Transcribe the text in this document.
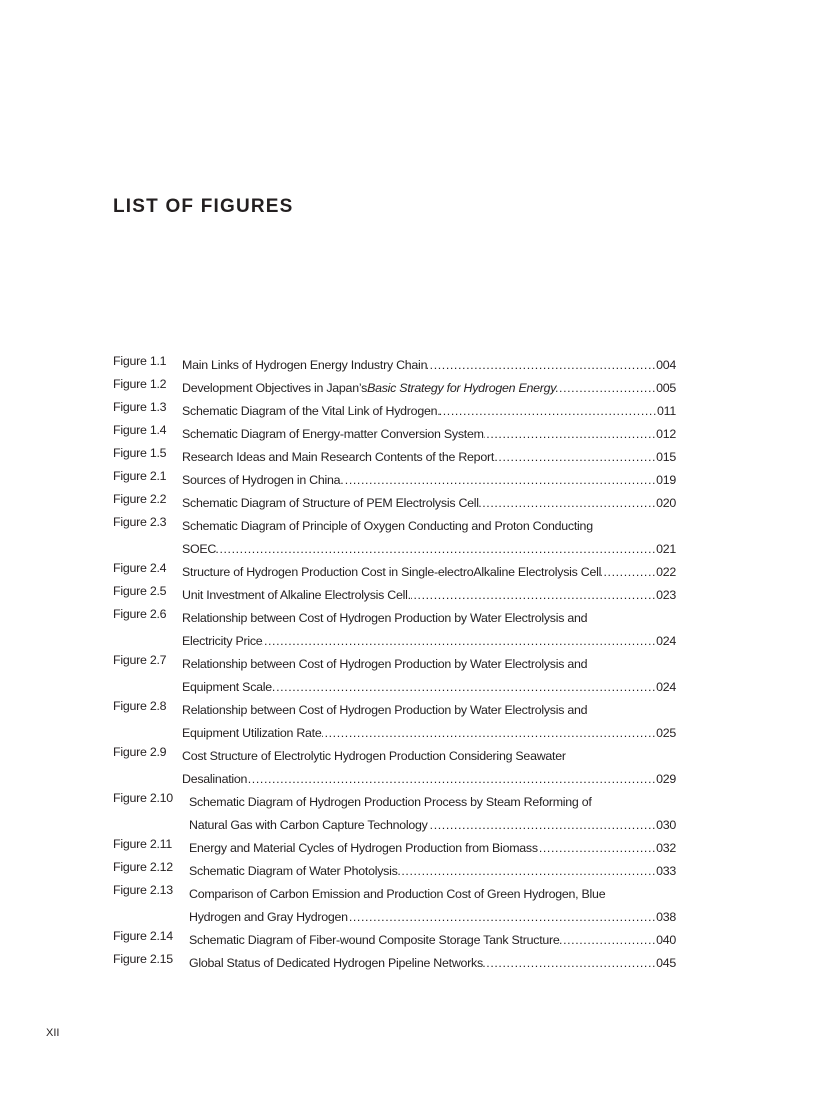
LIST OF FIGURES
Figure 1.1	Main Links of Hydrogen Energy Industry Chain .....	004
Figure 1.2	Development Objectives in Japan’s Basic Strategy for Hydrogen Energy .....	005
Figure 1.3	Schematic Diagram of the Vital Link of Hydrogen. .....	011
Figure 1.4	Schematic Diagram of Energy-matter Conversion System .....	012
Figure 1.5	Research Ideas and Main Research Contents of the Report .....	015
Figure 2.1	Sources of Hydrogen in China. .....	019
Figure 2.2	Schematic Diagram of Structure of PEM Electrolysis Cell .....	020
Figure 2.3	Schematic Diagram of Principle of Oxygen Conducting and Proton Conducting
SOEC .....	021
Figure 2.4	Structure of Hydrogen Production Cost in Single-electroAlkaline Electrolysis Cell .....	022
Figure 2.5	Unit Investment of Alkaline Electrolysis Cell. .....	023
Figure 2.6	Relationship between Cost of Hydrogen Production by Water Electrolysis and
Electricity Price .....	024
Figure 2.7	Relationship between Cost of Hydrogen Production by Water Electrolysis and
Equipment Scale. .....	024
Figure 2.8	Relationship between Cost of Hydrogen Production by Water Electrolysis and
Equipment Utilization Rate .....	025
Figure 2.9	Cost Structure of Electrolytic Hydrogen Production Considering Seawater
Desalination .....	029
Figure 2.10	Schematic Diagram of Hydrogen Production Process by Steam Reforming of
Natural Gas with Carbon Capture Technology .....	030
Figure 2.11	Energy and Material Cycles of Hydrogen Production from Biomass .....	032
Figure 2.12	Schematic Diagram of Water Photolysis .....	033
Figure 2.13	Comparison of Carbon Emission and Production Cost of Green Hydrogen, Blue
Hydrogen and Gray Hydrogen .....	038
Figure 2.14	Schematic Diagram of Fiber-wound Composite Storage Tank Structure .....	040
Figure 2.15	Global Status of Dedicated Hydrogen Pipeline Networks .....	045
XII
